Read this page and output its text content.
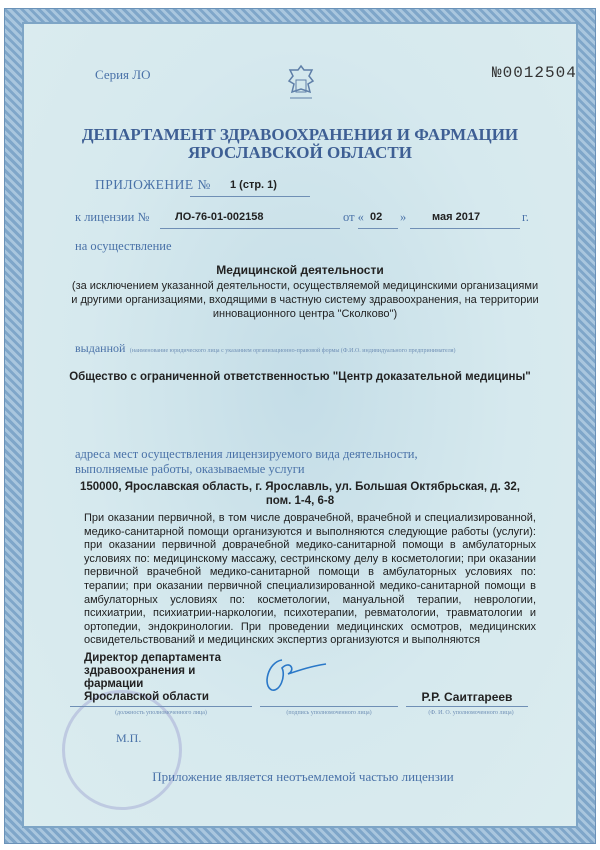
Серия ЛО	№0012504
ДЕПАРТАМЕНТ ЗДРАВООХРАНЕНИЯ И ФАРМАЦИИ
ЯРОСЛАВСКОЙ ОБЛАСТИ
ПРИЛОЖЕНИЕ № 1 (стр. 1)
к лицензии № ЛО-76-01-002158	от « 02 » мая 2017	г.
на осуществление
Медицинской деятельности
(за исключением указанной деятельности, осуществляемой медицинскими организациями и другими организациями, входящими в частную систему здравоохранения, на территории инновационного центра "Сколково")
выданной (наименование юридического лица с указанием организационно-правовой формы (Ф.И.О. индивидуального предпринимателя)
Общество с ограниченной ответственностью "Центр доказательной медицины"
адреса мест осуществления лицензируемого вида деятельности, выполняемые работы, оказываемые услуги
150000, Ярославская область, г. Ярославль, ул. Большая Октябрьская, д. 32,
пом. 1-4, 6-8
При оказании первичной, в том числе доврачебной, врачебной и специализированной, медико-санитарной помощи организуются и выполняются следующие работы (услуги): при оказании первичной доврачебной медико-санитарной помощи в амбулаторных условиях по: медицинскому массажу, сестринскому делу в косметологии; при оказании первичной врачебной медико-санитарной помощи в амбулаторных условиях по: терапии; при оказании первичной специализированной медико-санитарной помощи в амбулаторных условиях по: косметологии, мануальной терапии, неврологии, психиатрии, психиатрии-наркологии, психотерапии, ревматологии, травматологии и ортопедии, эндокринологии. При проведении медицинских осмотров, медицинских освидетельствований и медицинских экспертиз организуются и выполняются
Директор департамента
здравоохранения и фармации
Ярославской области	Р.Р. Саитгареев
(должность уполномоченного лица)	(подпись уполномоченного лица)	(Ф. И. О. уполномоченного лица)
М.П.
Приложение является неотъемлемой частью лицензии
